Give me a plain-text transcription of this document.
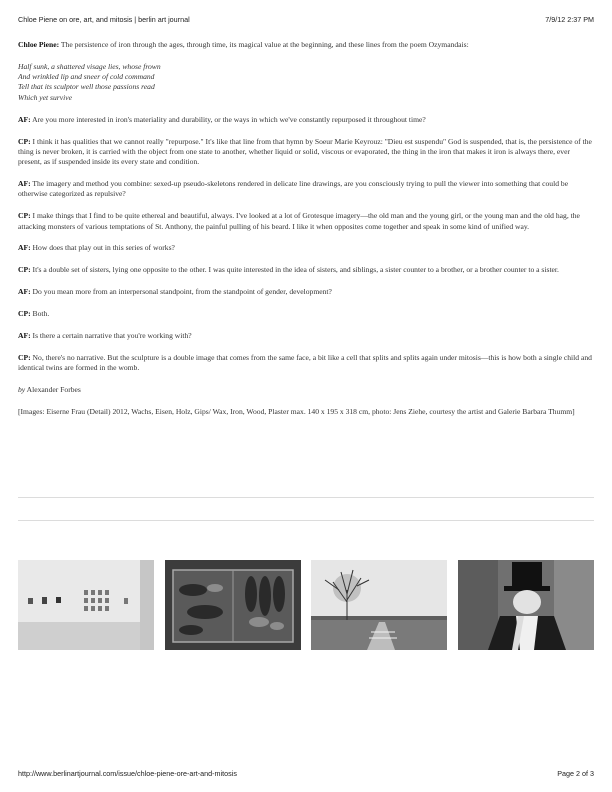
Chloe Piene on ore, art, and mitosis | berlin art journal	7/9/12 2:37 PM

Chloe Piene: The persistence of iron through the ages, through time, its magical value at the beginning, and these lines from the poem Ozymandais:

Half sunk, a shattered visage lies, whose frown
And wrinkled lip and sneer of cold command
Tell that its sculptor well those passions read
Which yet survive

AF: Are you more interested in iron's materiality and durability, or the ways in which we've constantly repurposed it throughout time?

CP: I think it has qualities that we cannot really "repurpose." It's like that line from that hymn by Soeur Marie Keyrouz: "Dieu est suspendu" God is suspended, that is, the persistence of the thing is never broken, it is carried with the object from one state to another, whether liquid or solid, viscous or evaporated, the thing in the iron that makes it iron is always there, ever present, as if suspended inside its every state and condition.

AF: The imagery and method you combine: sexed-up pseudo-skeletons rendered in delicate line drawings, are you consciously trying to pull the viewer into something that could be otherwise categorized as repulsive?

CP: I make things that I find to be quite ethereal and beautiful, always. I've looked at a lot of Grotesque imagery—the old man and the young girl, or the young man and the old hag, the attacking monsters of various temptations of St. Anthony, the painful pulling of his beard. I like it when opposites come together and speak in some kind of unified way.

AF: How does that play out in this series of works?

CP: It's a double set of sisters, lying one opposite to the other. I was quite interested in the idea of sisters, and siblings, a sister counter to a brother, or a brother counter to a sister.

AF: Do you mean more from an interpersonal standpoint, from the standpoint of gender, development?

CP: Both.

AF: Is there a certain narrative that you're working with?

CP: No, there's no narrative. But the sculpture is a double image that comes from the same face, a bit like a cell that splits and splits again under mitosis—this is how both a single child and identical twins are formed in the womb.

by Alexander Forbes

[Images: Eiserne Frau (Detail) 2012, Wachs, Eisen, Holz, Gips/ Wax, Iron, Wood, Plaster max. 140 x 195 x 318 cm, photo: Jens Ziehe, courtesy the artist and Galerie Barbara Thumm]

http://www.berlinartjournal.com/issue/chloe-piene-ore-art-and-mitosis	Page 2 of 3
